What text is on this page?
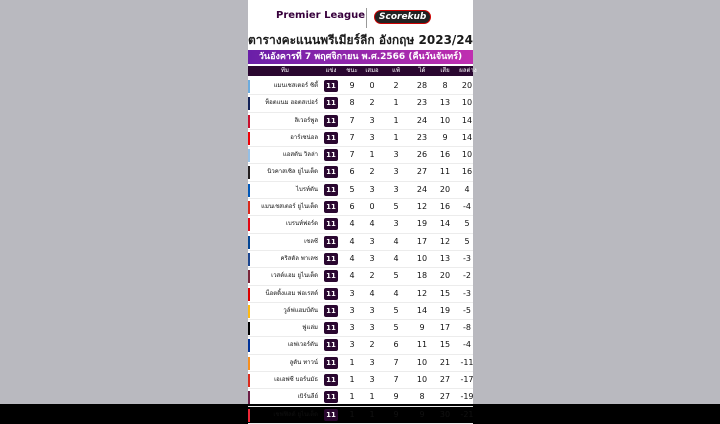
Premier League	Scorekub
ตารางคะแนนพรีเมียร์ลีก อังกฤษ 2023/24
วันอังคารที่ 7 พฤศจิกายน พ.ศ.2566 (คืนวันจันทร์)
ทีม	แข่ง	ชนะ	เสมอ	แพ้	ได้	เสีย	ผลต่าง
แมนเชสเตอร์ ซิตี้	11	9	0	2	28	8	20
ท็อตแนม ฮอตสเปอร์	11	8	2	1	23	13	10
ลิเวอร์พูล	11	7	3	1	24	10	14
อาร์เซน่อล	11	7	3	1	23	9	14
แอสตัน วิลล่า	11	7	1	3	26	16	10
นิวคาสเซิล ยูไนเต็ด	11	6	2	3	27	11	16
ไบรท์ตัน	11	5	3	3	24	20	4
แมนเชสเตอร์ ยูไนเต็ด	11	6	0	5	12	16	-4
เบรนท์ฟอร์ด	11	4	4	3	19	14	5
เชลซี	11	4	3	4	17	12	5
คริสตัล พาเลซ	11	4	3	4	10	13	-3
เวสต์แฮม ยูไนเต็ด	11	4	2	5	18	20	-2
น็อตติ้งแฮม ฟอเรสต์	11	3	4	4	12	15	-3
วูล์ฟแฮมป์ตัน	11	3	3	5	14	19	-5
ฟูแล่ม	11	3	3	5	9	17	-8
เอฟเวอร์ตัน	11	3	2	6	11	15	-4
ลูตัน ทาวน์	11	1	3	7	10	21	-11
เอเอฟซี บอร์นมัธ	11	1	3	7	10	27	-17
เบิร์นลีย์	11	1	1	9	8	27	-19
เชฟฟิลด์ ยูไนเต็ด	11	1	1	9	9	30	-21
